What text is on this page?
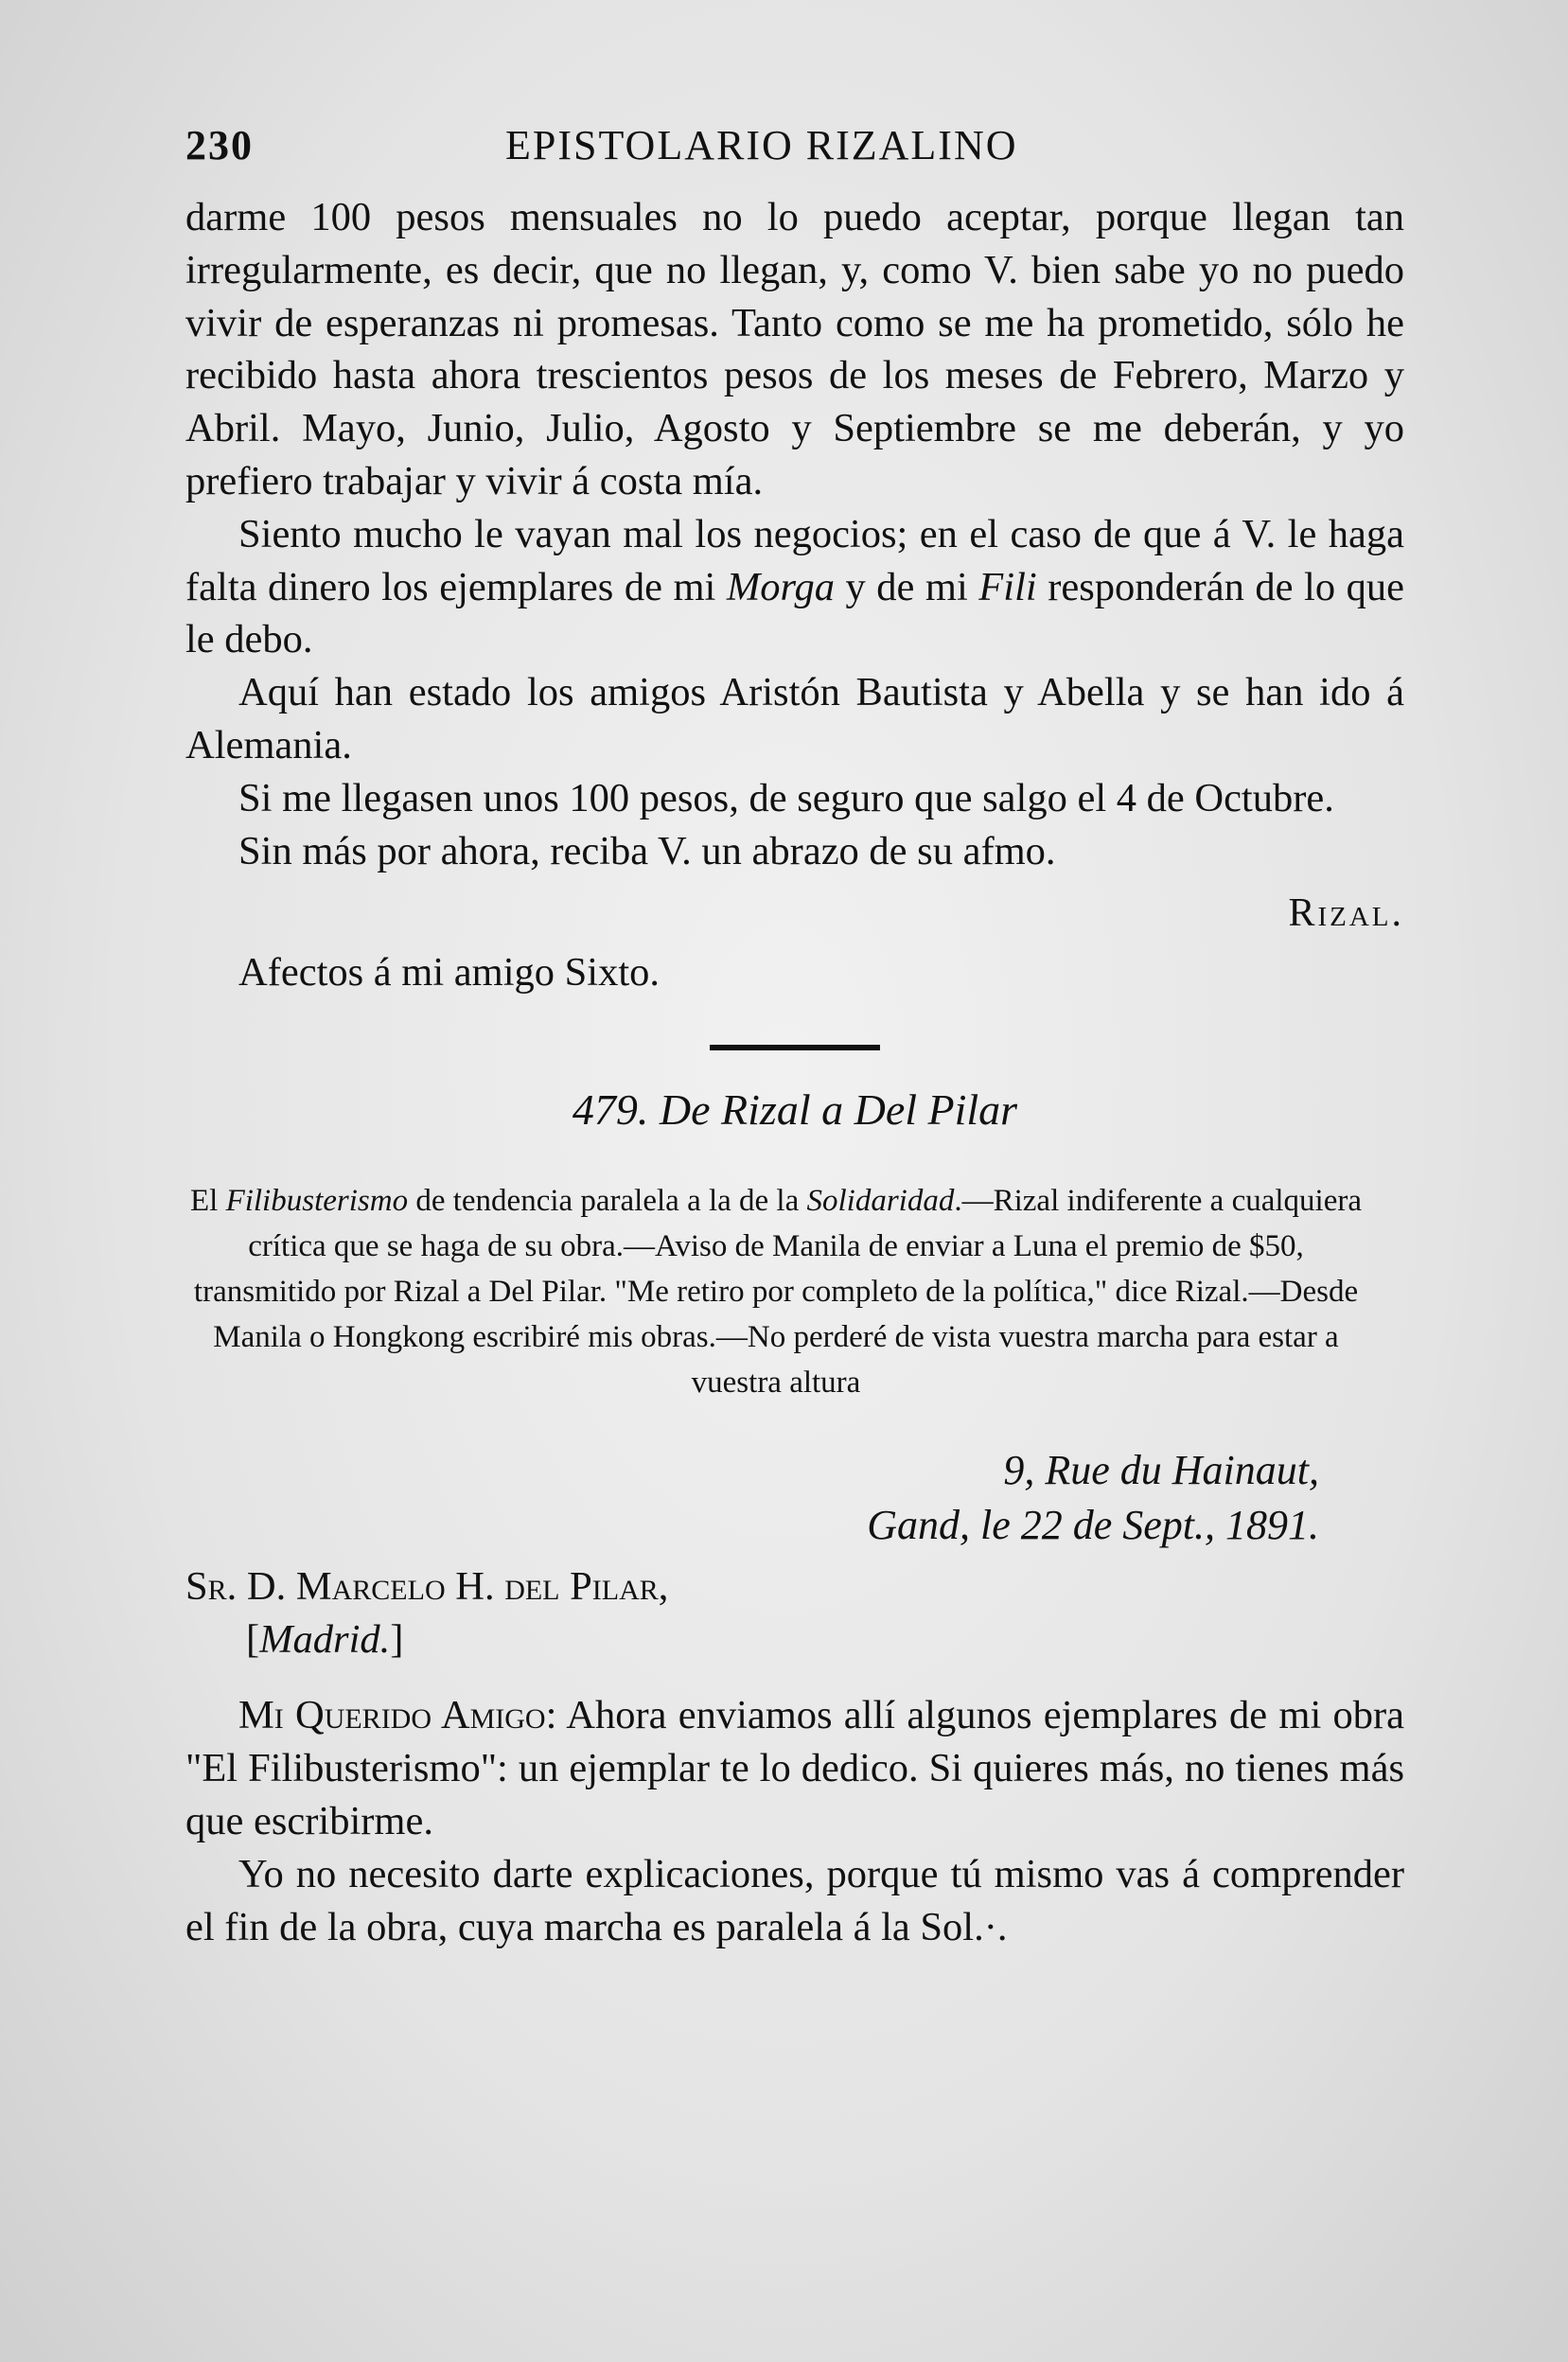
230	EPISTOLARIO RIZALINO

darme 100 pesos mensuales no lo puedo aceptar, porque llegan tan irregularmente, es decir, que no llegan, y, como V. bien sabe yo no puedo vivir de esperanzas ni promesas. Tanto como se me ha prometido, sólo he recibido hasta ahora trescientos pesos de los meses de Febrero, Marzo y Abril. Mayo, Junio, Julio, Agosto y Septiembre se me deberán, y yo prefiero trabajar y vivir á costa mía.

Siento mucho le vayan mal los negocios; en el caso de que á V. le haga falta dinero los ejemplares de mi Morga y de mi Fili responderán de lo que le debo.

Aquí han estado los amigos Aristón Bautista y Abella y se han ido á Alemania.

Si me llegasen unos 100 pesos, de seguro que salgo el 4 de Octubre.

Sin más por ahora, reciba V. un abrazo de su afmo.

Rizal.
Afectos á mi amigo Sixto.
479. De Rizal a Del Pilar
El Filibusterismo de tendencia paralela a la de la Solidaridad.—Rizal indiferente a cualquiera crítica que se haga de su obra.—Aviso de Manila de enviar a Luna el premio de $50, transmitido por Rizal a Del Pilar. "Me retiro por completo de la política," dice Rizal.—Desde Manila o Hongkong escribiré mis obras.—No perderé de vista vuestra marcha para estar a vuestra altura
9, Rue du Hainaut,
Gand, le 22 de Sept., 1891.
Sr. D. Marcelo H. del Pilar,
[Madrid.]

Mi Querido Amigo: Ahora enviamos allí algunos ejemplares de mi obra "El Filibusterismo": un ejemplar te lo dedico. Si quieres más, no tienes más que escribirme.

Yo no necesito darte explicaciones, porque tú mismo vas á comprender el fin de la obra, cuya marcha es paralela á la Sol.·.
